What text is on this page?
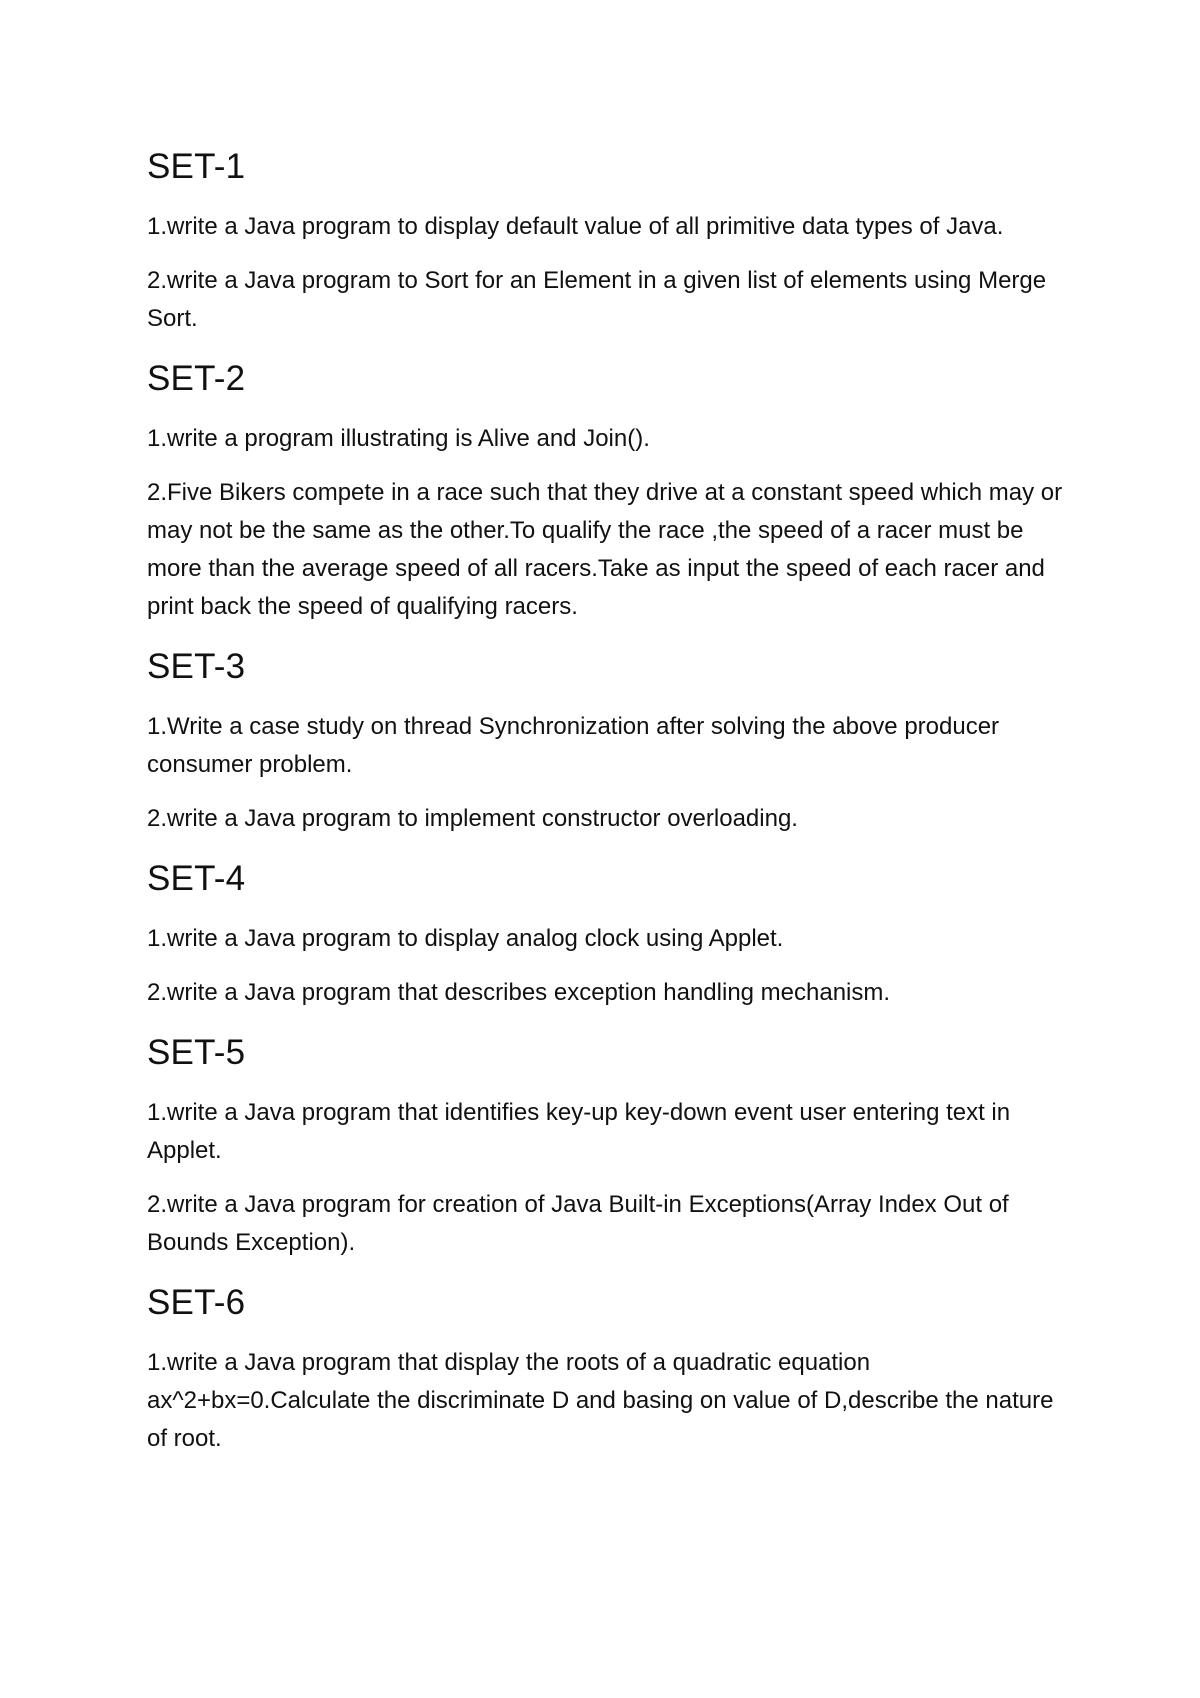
SET-1

1.write a Java program to display default value of all primitive data types of Java.

2.write a Java program to Sort for an Element in a given list of elements using Merge Sort.

SET-2

1.write a program illustrating is Alive and Join().

2.Five Bikers compete in a race such that they drive at a constant speed which may or may not be the same as the other.To qualify the race ,the speed of a racer must be more than the average speed of all racers.Take as input the speed of each racer and print back the speed of qualifying racers.

SET-3

1.Write a case study on thread Synchronization after solving the above producer consumer problem.

2.write a Java program to implement constructor overloading.

SET-4

1.write a Java program to display analog clock using Applet.

2.write a Java program that describes exception handling mechanism.

SET-5

1.write a Java program that identifies key-up key-down event user entering text in Applet.

2.write a Java program for creation of Java Built-in Exceptions(Array Index Out of Bounds Exception).

SET-6

1.write a Java program that display the roots of a quadratic equation ax^2+bx=0.Calculate the discriminate D and basing on value of D,describe the nature of root.
